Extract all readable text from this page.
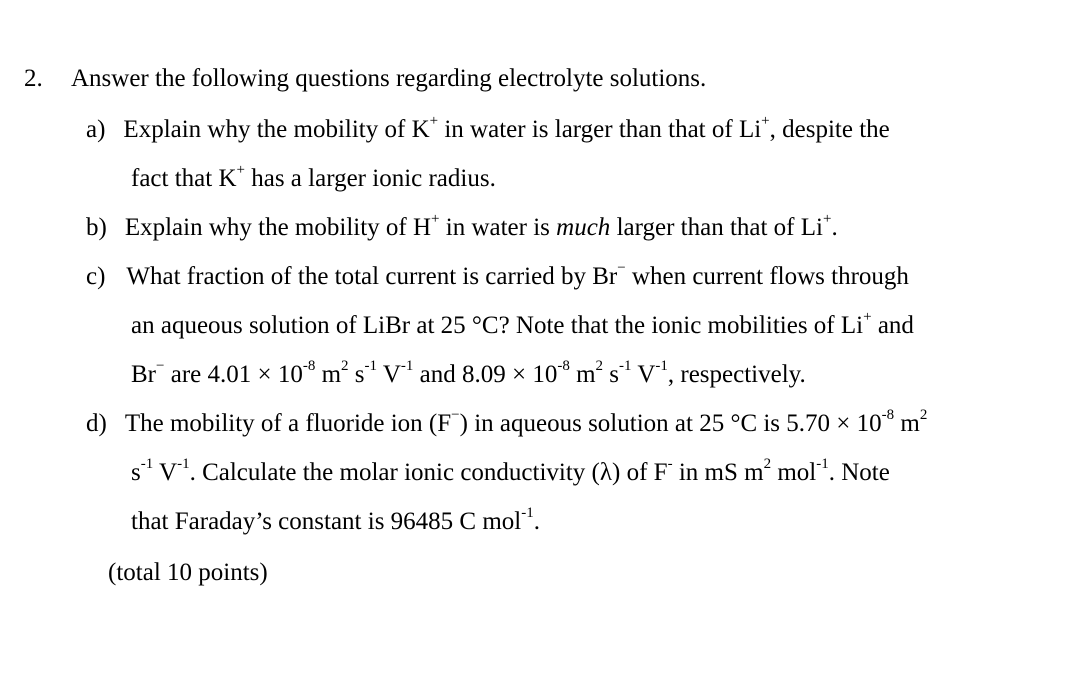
2. Answer the following questions regarding electrolyte solutions.
a) Explain why the mobility of K+ in water is larger than that of Li+, despite the
fact that K+ has a larger ionic radius.
b) Explain why the mobility of H+ in water is much larger than that of Li+.
c) What fraction of the total current is carried by Br− when current flows through
an aqueous solution of LiBr at 25 °C? Note that the ionic mobilities of Li+ and
Br− are $4.01 \times 10^{-8}$ $m^2$ $s^{-1}$ $V^{-1}$ and $8.09 \times 10^{-8}$ $m^2$ $s^{-1}$ $V^{-1}$, respectively.
d) The mobility of a fluoride ion (F−) in aqueous solution at 25 °C is $5.70 \times 10^{-8}$ $m^2$
$s^{-1}$ $V^{-1}$. Calculate the molar ionic conductivity (λ) of F- in mS $m^2$ mol$^{-1}$. Note
that Faraday’s constant is 96485 C mol$^{-1}$.
(total 10 points)
